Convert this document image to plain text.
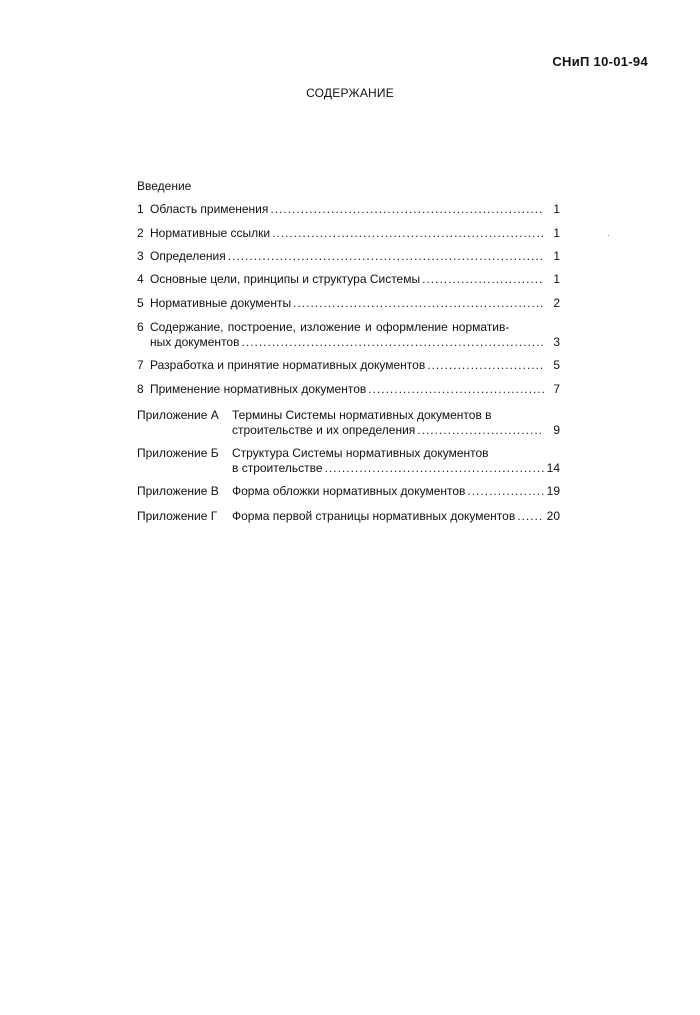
СНиП 10-01-94
СОДЕРЖАНИЕ
Введение
1 Область применения .....	1
2 Нормативные ссылки .....	1
3 Определения .....	1
4 Основные цели, принципы и структура Системы .....	1
5 Нормативные документы .....	2
6 Содержание, построение, изложение и оформление норматив-
ных документов .....	3
7 Разработка и принятие нормативных документов .....	5
8 Применение нормативных документов .....	7
Приложение А	Термины Системы нормативных документов в
строительстве и их определения .....	9
Приложение Б	Структура Системы нормативных документов
в строительстве .....	14
Приложение В	Форма обложки нормативных документов .....	19
Приложение Г	Форма первой страницы нормативных документов .....	20
